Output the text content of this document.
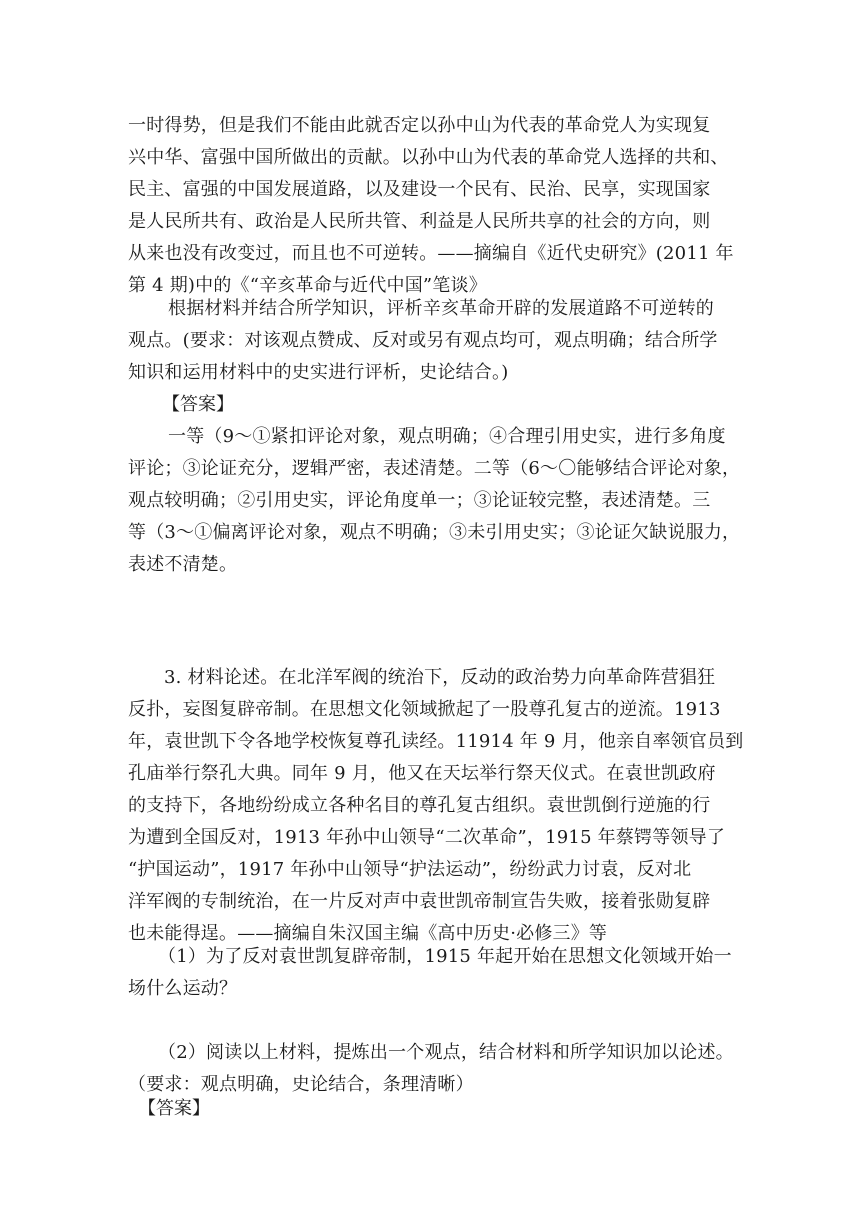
一时得势，但是我们不能由此就否定以孙中山为代表的革命党人为实现复
兴中华、富强中国所做出的贡献。以孙中山为代表的革命党人选择的共和、
民主、富强的中国发展道路，以及建设一个民有、民治、民享，实现国家
是人民所共有、政治是人民所共管、利益是人民所共享的社会的方向，则
从来也没有改变过，而且也不可逆转。——摘编自《近代史研究》(2011 年
第 4 期)中的《“辛亥革命与近代中国”笔谈》
根据材料并结合所学知识，评析辛亥革命开辟的发展道路不可逆转的
观点。(要求：对该观点赞成、反对或另有观点均可，观点明确；结合所学
知识和运用材料中的史实进行评析，史论结合。)
【答案】
一等（9～①紧扣评论对象，观点明确；④合理引用史实，进行多角度
评论；③论证充分，逻辑严密，表述清楚。二等（6～〇能够结合评论对象，
观点较明确；②引用史实，评论角度单一；③论证较完整，表述清楚。三
等（3～①偏离评论对象，观点不明确；③未引用史实；③论证欠缺说服力，
表述不清楚。
3. 材料论述。在北洋军阀的统治下，反动的政治势力向革命阵营猖狂
反扑，妄图复辟帝制。在思想文化领域掀起了一股尊孔复古的逆流。1913
年，袁世凯下令各地学校恢复尊孔读经。11914 年 9 月，他亲自率领官员到
孔庙举行祭孔大典。同年 9 月，他又在天坛举行祭天仪式。在袁世凯政府
的支持下，各地纷纷成立各种名目的尊孔复古组织。袁世凯倒行逆施的行
为遭到全国反对，1913 年孙中山领导“二次革命”，1915 年蔡锷等领导了
“护国运动”，1917 年孙中山领导“护法运动”，纷纷武力讨袁，反对北
洋军阀的专制统治，在一片反对声中袁世凯帝制宣告失败，接着张勋复辟
也未能得逞。——摘编自朱汉国主编《高中历史·必修三》等
（1）为了反对袁世凯复辟帝制，1915 年起开始在思想文化领域开始一
场什么运动？
（2）阅读以上材料，提炼出一个观点，结合材料和所学知识加以论述。
（要求：观点明确，史论结合，条理清晰）
【答案】
